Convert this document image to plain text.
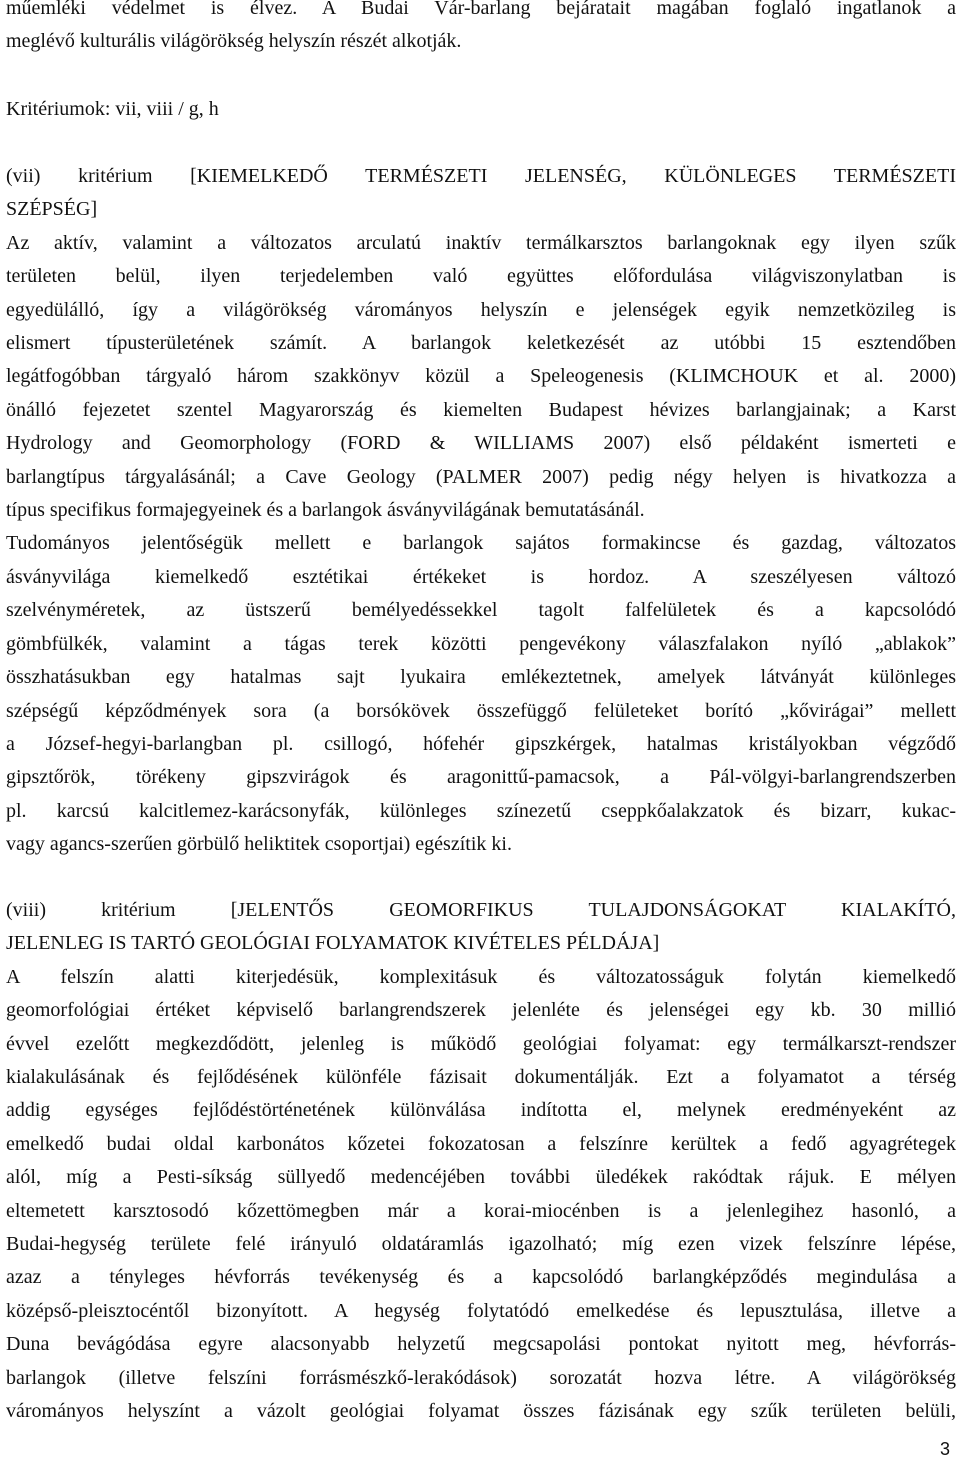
műemléki védelmet is élvez. A Budai Vár-barlang bejáratait magában foglaló ingatlanok a
meglévő kulturális világörökség helyszín részét alkotják.

Kritériumok: vii, viii / g, h

(vii) kritérium [KIEMELKEDŐ TERMÉSZETI JELENSÉG, KÜLÖNLEGES TERMÉSZETI
SZÉPSÉG]
Az aktív, valamint a változatos arculatú inaktív termálkarsztos barlangoknak egy ilyen szűk
területen belül, ilyen terjedelemben való együttes előfordulása világviszonylatban is
egyedülálló, így a világörökség várományos helyszín e jelenségek egyik nemzetközileg is
elismert típusterületének számít. A barlangok keletkezését az utóbbi 15 esztendőben
legátfogóbban tárgyaló három szakkönyv közül a Speleogenesis (KLIMCHOUK et al. 2000)
önálló fejezetet szentel Magyarország és kiemelten Budapest hévizes barlangjainak; a Karst
Hydrology and Geomorphology (FORD & WILLIAMS 2007) első példaként ismerteti e
barlangtípus tárgyalásánál; a Cave Geology (PALMER 2007) pedig négy helyen is hivatkozza a
típus specifikus formajegyeinek és a barlangok ásványvilágának bemutatásánál.
Tudományos jelentőségük mellett e barlangok sajátos formakincse és gazdag, változatos
ásványvilága kiemelkedő esztétikai értékeket is hordoz. A szeszélyesen változó
szelvényméretek, az üstszerű bemélyedéssekkel tagolt falfelületek és a kapcsolódó
gömbfülkék, valamint a tágas terek közötti pengevékony válaszfalakon nyíló „ablakok”
összhatásukban egy hatalmas sajt lyukaira emlékeztetnek, amelyek látványát különleges
szépségű képződmények sora (a borsókövek összefüggő felületeket borító „kővirágai” mellett
a József-hegyi-barlangban pl. csillogó, hófehér gipszkérgek, hatalmas kristályokban végződő
gipsztőrök, törékeny gipszvirágok és aragonittű-pamacsok, a Pál-völgyi-barlangrendszerben
pl. karcsú kalcitlemez-karácsonyfák, különleges színezetű cseppkőalakzatok és bizarr, kukac-
vagy agancs-szerűen görbülő heliktitek csoportjai) egészítik ki.

(viii) kritérium [JELENTŐS GEOMORFIKUS TULAJDONSÁGOKAT KIALAKÍTÓ,
JELENLEG IS TARTÓ GEOLÓGIAI FOLYAMATOK KIVÉTELES PÉLDÁJA]
A felszín alatti kiterjedésük, komplexitásuk és változatosságuk folytán kiemelkedő
geomorfológiai értéket képviselő barlangrendszerek jelenléte és jelenségei egy kb. 30 millió
évvel ezelőtt megkezdődött, jelenleg is működő geológiai folyamat: egy termálkarszt-rendszer
kialakulásának és fejlődésének különféle fázisait dokumentálják. Ezt a folyamatot a térség
addig egységes fejlődéstörténetének különválása indította el, melynek eredményeként az
emelkedő budai oldal karbonátos kőzetei fokozatosan a felszínre kerültek a fedő agyagrétegek
alól, míg a Pesti-síkság süllyedő medencéjében további üledékek rakódtak rájuk. E mélyen
eltemetett karsztosodó kőzettömegben már a korai-miocénben is a jelenlegihez hasonló, a
Budai-hegység területe felé irányuló oldatáramlás igazolható; míg ezen vizek felszínre lépése,
azaz a tényleges hévforrás tevékenység és a kapcsolódó barlangképződés megindulása a
középső-pleisztocéntől bizonyított. A hegység folytatódó emelkedése és lepusztulása, illetve a
Duna bevágódása egyre alacsonyabb helyzetű megcsapolási pontokat nyitott meg, hévforrás-
barlangok (illetve felszíni forrásmészkő-lerakódások) sorozatát hozva létre. A világörökség
várományos helyszínt a vázolt geológiai folyamat összes fázisának egy szűk területen belüli,

3
